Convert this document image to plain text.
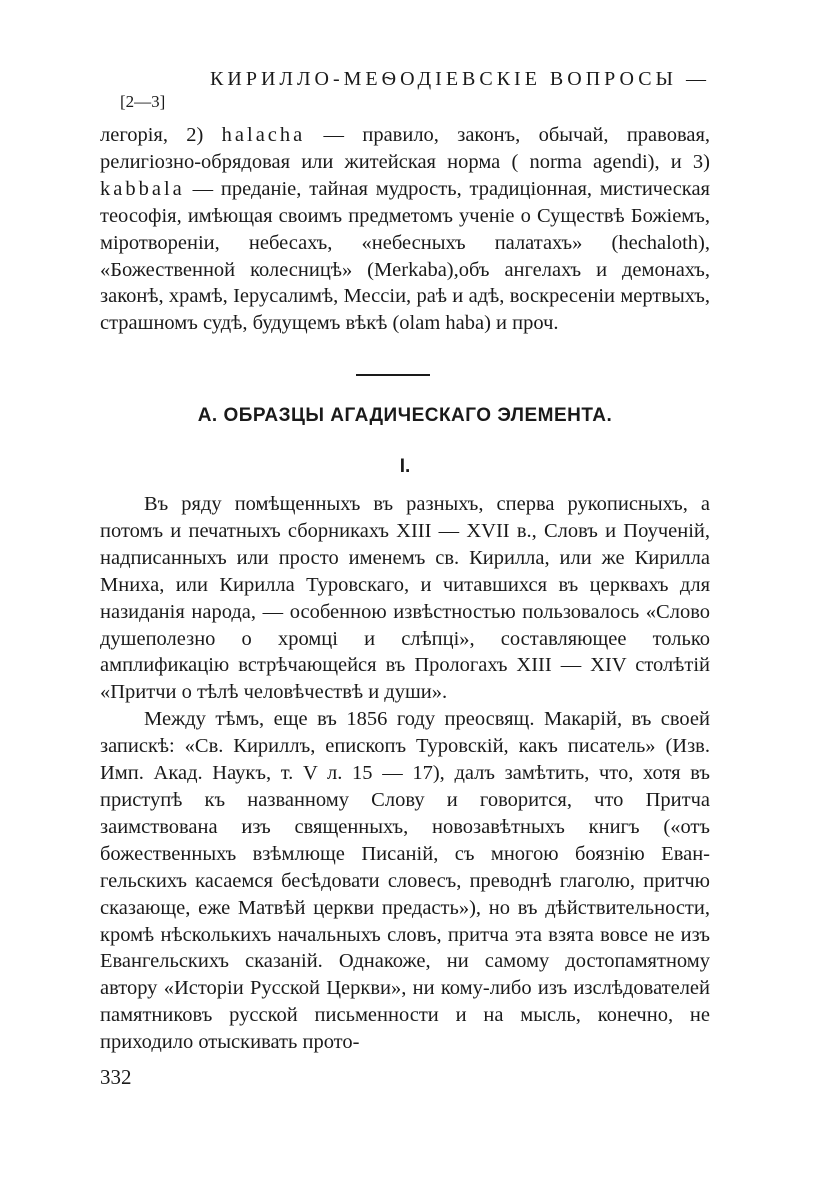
КИРИЛЛО-МЕѲОДІЕВСКІЕ ВОПРОСЫ —
[2—3]

легорія, 2) halacha — правило, законъ, обычай, правовая, религіозно-обрядовая или житейская норма ( norma agendi), и 3) kabbala — преданіе, тайная мудрость, традиціонная, мистическая теософія, имѣющая своимъ предметомъ ученіе о Существѣ Божіемъ, міротвореніи, небесахъ, «небесныхъ палатахъ» (hechaloth), «Божественной колесницѣ» (Merkaba),объ ангелахъ и демонахъ, законѣ, храмѣ, Іерусалимѣ, Мессіи, раѣ и адѣ, воскресеніи мертвыхъ, страшномъ судѣ, будущемъ вѣкѣ (olam haba) и проч.

А. ОБРАЗЦЫ АГАДИЧЕСКАГО ЭЛЕМЕНТА.
I.

Въ ряду помѣщенныхъ въ разныхъ, сперва рукописныхъ, а потомъ и печатныхъ сборникахъ XIII — XVII в., Словъ и Поученій, надписанныхъ или просто именемъ св. Кирилла, или же Кирилла Мниха, или Кирилла Туровскаго, и читавшихся въ церквахъ для назиданія народа, — особенною извѣстностью пользовалось «Слово душеполезно о хромці и слѣпці», составляющее только амплификацію встрѣчающейся въ Прологахъ XIII — XIV столѣтій «Притчи о тѣлѣ человѣчествѣ и души».

Между тѣмъ, еще въ 1856 году преосвящ. Макарій, въ своей запискѣ: «Св. Кириллъ, епископъ Туровскій, какъ писатель» (Изв. Имп. Акад. Наукъ, т. V л. 15 — 17), далъ замѣтить, что, хотя въ приступѣ къ названному Слову и говорится, что Притча заимствована изъ священныхъ, новозавѣтныхъ книгъ («отъ божественныхъ взѣмлюще Писаній, съ многою боязнію Евангельскихъ касаемся бесѣдовати словесъ, преводнѣ глаголю, притчю сказающе, еже Матвѣй церкви предасть»), но въ дѣйствительности, кромѣ нѣсколькихъ начальныхъ словъ, притча эта взята вовсе не изъ Евангельскихъ сказаній. Однакоже, ни самому достопамятному автору «Исторіи Русской Церкви», ни кому-либо изъ изслѣдователей памятниковъ русской письменности и на мысль, конечно, не приходило отыскивать прото-

332
